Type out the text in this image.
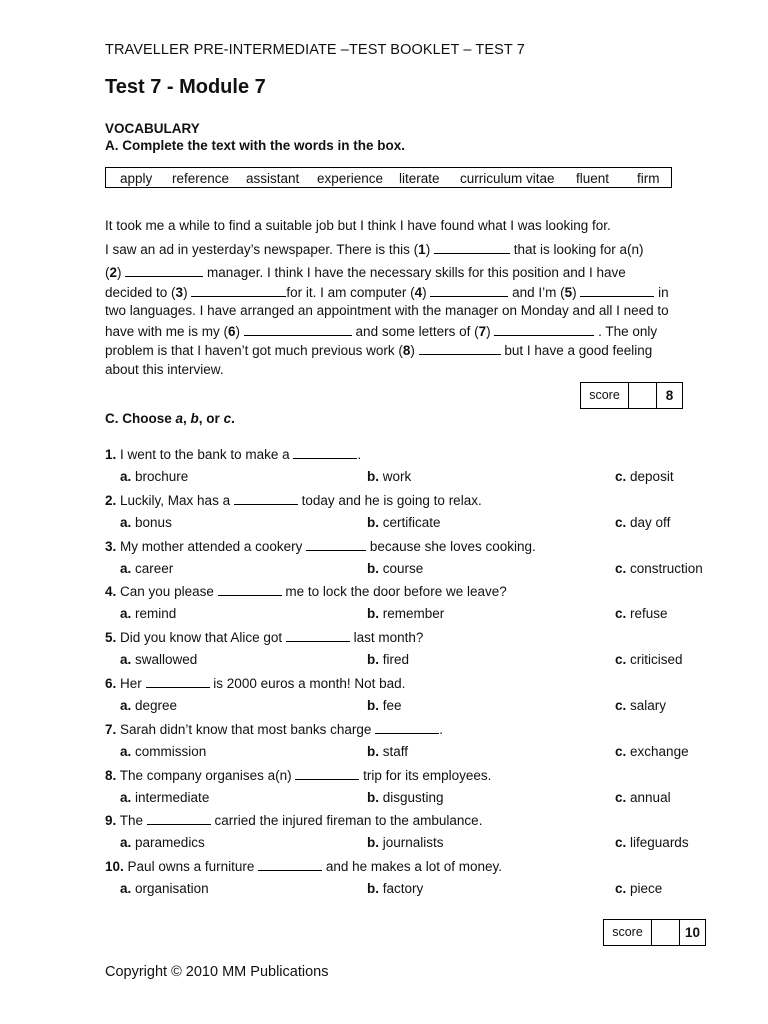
TRAVELLER PRE-INTERMEDIATE –TEST BOOKLET – TEST 7
Test 7 - Module 7
VOCABULARY
A. Complete the text with the words in the box.
apply reference assistant experience literate curriculum vitae fluent firm
It took me a while to find a suitable job but I think I have found what I was looking for.
I saw an ad in yesterday’s newspaper. There is this (1)	that is looking for a(n)
(2)	manager. I think I have the necessary skills for this position and I have
decided to (3)	for it. I am computer (4)	and I’m (5)	in
two languages. I have arranged an appointment with the manager on Monday and all I need to
have with me is my (6)	and some letters of (7)	. The only
problem is that I haven’t got much previous work (8)	but I have a good feeling
about this interview.
score	8
C. Choose a, b, or c.
1. I went to the bank to make a	.
a. brochure	b. work	c. deposit
2. Luckily, Max has a	today and he is going to relax.
a. bonus	b. certificate	c. day off
3. My mother attended a cookery	because she loves cooking.
a. career	b. course	c. construction
4. Can you please	me to lock the door before we leave?
a. remind	b. remember	c. refuse
5. Did you know that Alice got	last month?
a. swallowed	b. fired	c. criticised
6. Her	is 2000 euros a month! Not bad.
a. degree	b. fee	c. salary
7. Sarah didn’t know that most banks charge	.
a. commission	b. staff	c. exchange
8. The company organises a(n)	trip for its employees.
a. intermediate	b. disgusting	c. annual
9. The	carried the injured fireman to the ambulance.
a. paramedics	b. journalists	c. lifeguards
10. Paul owns a furniture	and he makes a lot of money.
a. organisation	b. factory	c. piece
score	10
Copyright © 2010 MM Publications
